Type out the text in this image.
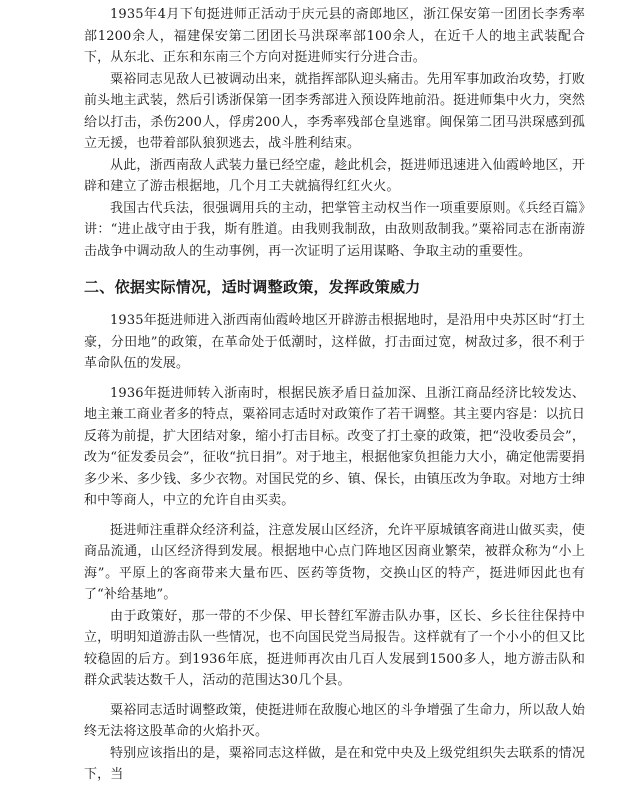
1935年4月下旬挺进师正活动于庆元县的斋郎地区，浙江保安第一团团长李秀率部1200余人，福建保安第二团团长马洪琛率部100余人，在近千人的地主武装配合下，从东北、正东和东南三个方向对挺进师实行分进合击。

粟裕同志见敌人已被调动出来，就指挥部队迎头痛击。先用军事加政治攻势，打败前头地主武装，然后引诱浙保第一团李秀部进入预设阵地前沿。挺进师集中火力，突然给以打击，杀伤200人，俘虏200人，李秀率残部仓皇逃窜。闽保第二团马洪琛感到孤立无援，也带着部队狼狈逃去，战斗胜利结束。

从此，浙西南敌人武装力量已经空虚，趁此机会，挺进师迅速进入仙霞岭地区，开辟和建立了游击根据地，几个月工夫就搞得红红火火。

我国古代兵法，很强调用兵的主动，把掌管主动权当作一项重要原则。《兵经百篇》讲：“进止战守由于我，斯有胜道。由我则我制敌，由敌则敌制我。”粟裕同志在浙南游击战争中调动敌人的生动事例，再一次证明了运用谋略、争取主动的重要性。

二、依据实际情况，适时调整政策，发挥政策威力

1935年挺进师进入浙西南仙霞岭地区开辟游击根据地时，是沿用中央苏区时“打土豪，分田地”的政策，在革命处于低潮时，这样做，打击面过宽，树敌过多，很不利于革命队伍的发展。

1936年挺进师转入浙南时，根据民族矛盾日益加深、且浙江商品经济比较发达、地主兼工商业者多的特点，粟裕同志适时对政策作了若干调整。其主要内容是：以抗日反蒋为前提，扩大团结对象，缩小打击目标。改变了打土豪的政策，把“没收委员会”，改为“征发委员会”，征收“抗日捐”。对于地主，根据他家负担能力大小，确定他需要捐多少米、多少钱、多少衣物。对国民党的乡、镇、保长，由镇压改为争取。对地方士绅和中等商人，中立的允许自由买卖。

挺进师注重群众经济利益，注意发展山区经济，允许平原城镇客商进山做买卖，使商品流通，山区经济得到发展。根据地中心点门阵地区因商业繁荣，被群众称为“小上海”。平原上的客商带来大量布匹、医药等货物，交换山区的特产，挺进师因此也有了“补给基地”。

由于政策好，那一带的不少保、甲长替红军游击队办事，区长、乡长往往保持中立，明明知道游击队一些情况，也不向国民党当局报告。这样就有了一个小小的但又比较稳固的后方。到1936年底，挺进师再次由几百人发展到1500多人，地方游击队和群众武装达数千人，活动的范围达30几个县。

粟裕同志适时调整政策，使挺进师在敌腹心地区的斗争增强了生命力，所以敌人始终无法将这股革命的火焰扑灭。

特别应该指出的是，粟裕同志这样做，是在和党中央及上级党组织失去联系的情况下，当
